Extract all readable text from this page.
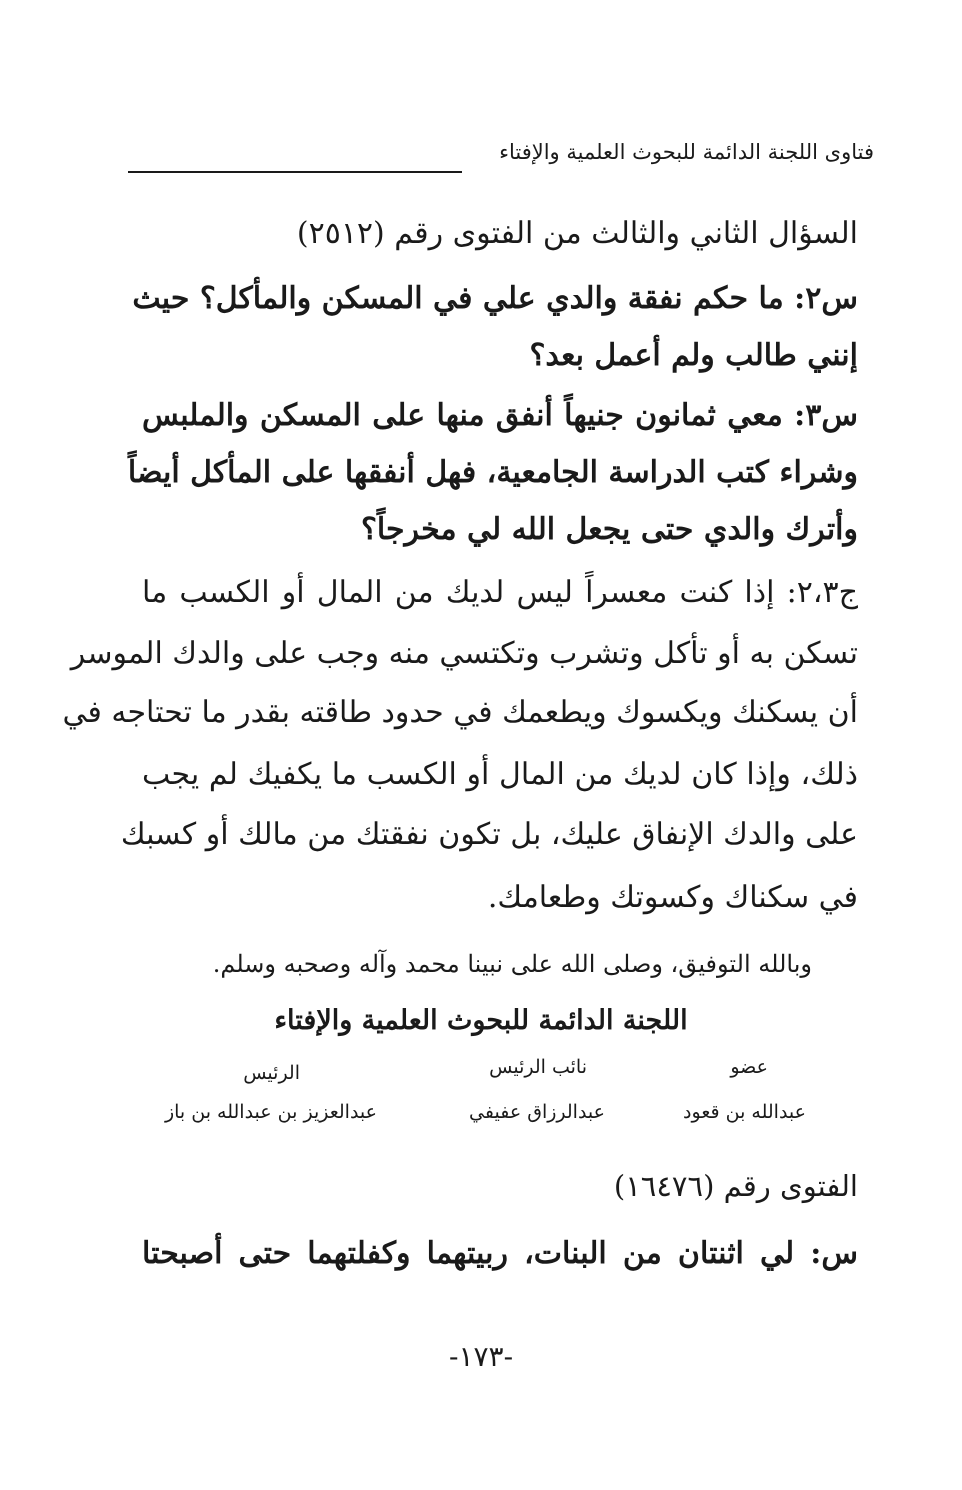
فتاوى اللجنة الدائمة للبحوث العلمية والإفتاء
السؤال الثاني والثالث من الفتوى رقم (٢٥١٢)
س٢: ما حكم نفقة والدي علي في المسكن والمأكل؟ حيث
إنني طالب ولم أعمل بعد؟
س٣: معي ثمانون جنيهاً أنفق منها على المسكن والملبس
وشراء كتب الدراسة الجامعية، فهل أنفقها على المأكل أيضاً
وأترك والدي حتى يجعل الله لي مخرجاً؟
ج٢،٣: إذا كنت معسراً ليس لديك من المال أو الكسب ما
تسكن به أو تأكل وتشرب وتكتسي منه وجب على والدك الموسر
أن يسكنك ويكسوك ويطعمك في حدود طاقته بقدر ما تحتاجه في
ذلك، وإذا كان لديك من المال أو الكسب ما يكفيك لم يجب
على والدك الإنفاق عليك، بل تكون نفقتك من مالك أو كسبك
في سكناك وكسوتك وطعامك.
وبالله التوفيق، وصلى الله على نبينا محمد وآله وصحبه وسلم.
اللجنة الدائمة للبحوث العلمية والإفتاء
عضو
نائب الرئيس
الرئيس
عبدالله بن قعود
عبدالرزاق عفيفي
عبدالعزيز بن عبدالله بن باز
الفتوى رقم (١٦٤٧٦)
س: لي اثنتان من البنات، ربيتهما وكفلتهما حتى أصبحتا
-١٧٣-
